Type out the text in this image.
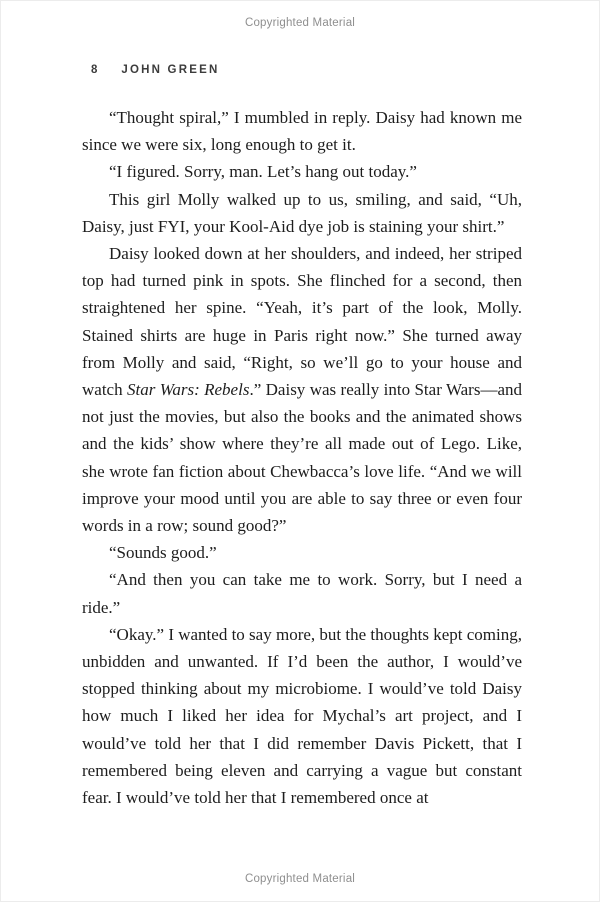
Copyrighted Material
8 JOHN GREEN

“Thought spiral,” I mumbled in reply. Daisy had known me since we were six, long enough to get it.

“I figured. Sorry, man. Let’s hang out today.”

This girl Molly walked up to us, smiling, and said, “Uh, Daisy, just FYI, your Kool-Aid dye job is staining your shirt.”

Daisy looked down at her shoulders, and indeed, her striped top had turned pink in spots. She flinched for a second, then straightened her spine. “Yeah, it’s part of the look, Molly. Stained shirts are huge in Paris right now.” She turned away from Molly and said, “Right, so we’ll go to your house and watch Star Wars: Rebels.” Daisy was really into Star Wars—and not just the movies, but also the books and the animated shows and the kids’ show where they’re all made out of Lego. Like, she wrote fan fiction about Chewbacca’s love life. “And we will improve your mood until you are able to say three or even four words in a row; sound good?”

“Sounds good.”

“And then you can take me to work. Sorry, but I need a ride.”

“Okay.” I wanted to say more, but the thoughts kept coming, unbidden and unwanted. If I’d been the author, I would’ve stopped thinking about my microbiome. I would’ve told Daisy how much I liked her idea for Mychal’s art project, and I would’ve told her that I did remember Davis Pickett, that I remembered being eleven and carrying a vague but constant fear. I would’ve told her that I remembered once at

Copyrighted Material
